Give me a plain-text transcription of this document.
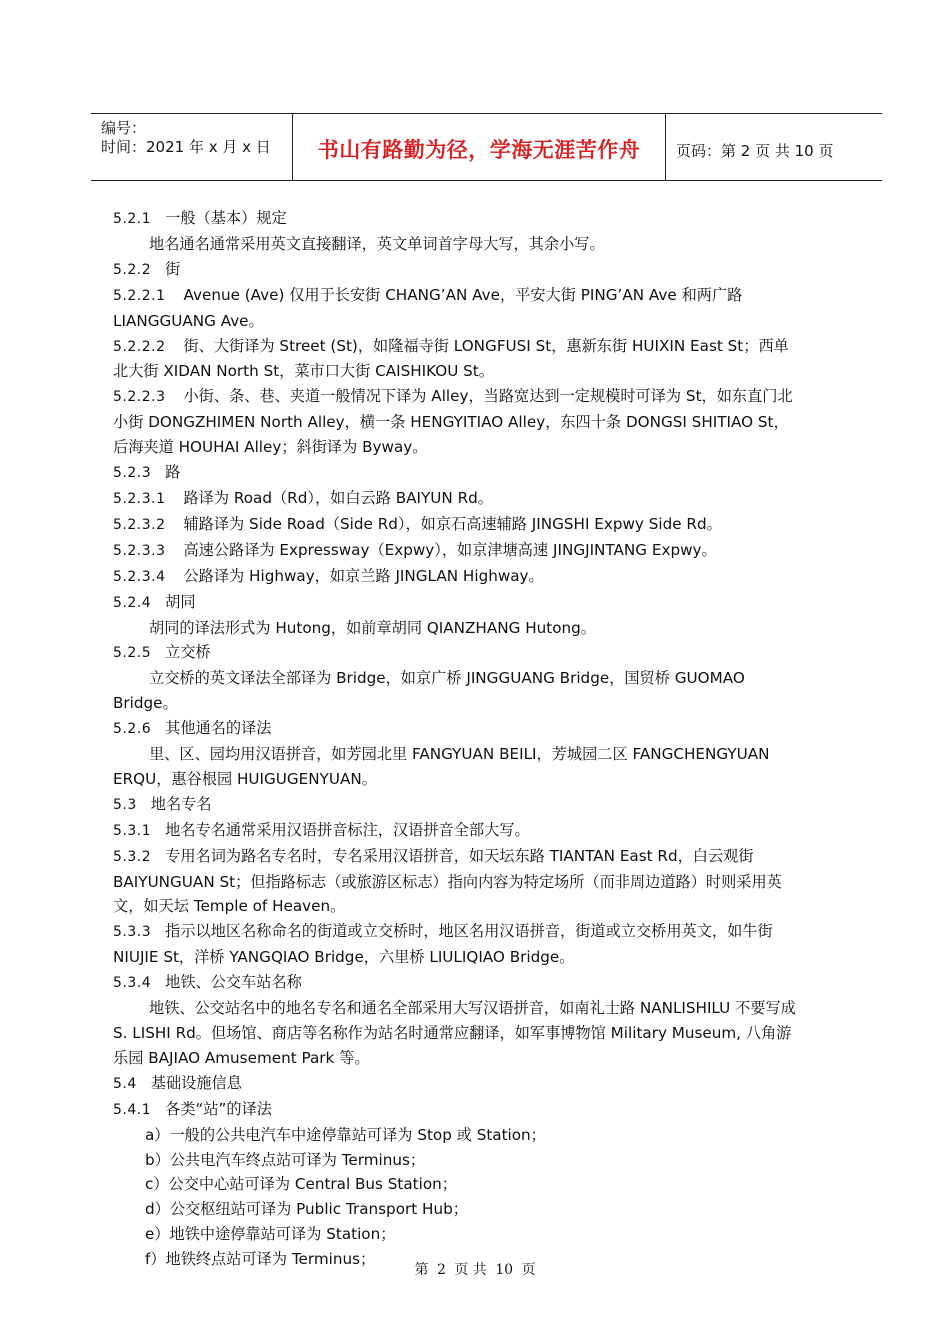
编号：
时间：2021 年 x 月 x 日	书山有路勤为径，学海无涯苦作舟	页码：第 2 页 共 10 页
5.2.1 一般（基本）规定
地名通名通常采用英文直接翻译，英文单词首字母大写，其余小写。
5.2.2 街
5.2.2.1 Avenue (Ave) 仅用于长安街 CHANG’AN Ave，平安大街 PING’AN Ave 和两广路
LIANGGUANG Ave。
5.2.2.2 街、大街译为 Street (St)，如隆福寺街 LONGFUSI St，惠新东街 HUIXIN East St；西单
北大街 XIDAN North St，菜市口大街 CAISHIKOU St。
5.2.2.3 小街、条、巷、夹道一般情况下译为 Alley，当路宽达到一定规模时可译为 St，如东直门北
小街 DONGZHIMEN North Alley，横一条 HENGYITIAO Alley，东四十条 DONGSI SHITIAO St，
后海夹道 HOUHAI Alley；斜街译为 Byway。
5.2.3 路
5.2.3.1 路译为 Road（Rd），如白云路 BAIYUN Rd。
5.2.3.2 辅路译为 Side Road（Side Rd），如京石高速辅路 JINGSHI Expwy Side Rd。
5.2.3.3 高速公路译为 Expressway（Expwy），如京津塘高速 JINGJINTANG Expwy。
5.2.3.4 公路译为 Highway，如京兰路 JINGLAN Highway。
5.2.4 胡同
胡同的译法形式为 Hutong，如前章胡同 QIANZHANG Hutong。
5.2.5 立交桥
立交桥的英文译法全部译为 Bridge，如京广桥 JINGGUANG Bridge，国贸桥 GUOMAO
Bridge。
5.2.6 其他通名的译法
里、区、园均用汉语拼音，如芳园北里 FANGYUAN BEILI，芳城园二区 FANGCHENGYUAN
ERQU，惠谷根园 HUIGUGENYUAN。
5.3 地名专名
5.3.1 地名专名通常采用汉语拼音标注，汉语拼音全部大写。
5.3.2 专用名词为路名专名时，专名采用汉语拼音，如天坛东路 TIANTAN East Rd，白云观街
BAIYUNGUAN St；但指路标志（或旅游区标志）指向内容为特定场所（而非周边道路）时则采用英
文，如天坛 Temple of Heaven。
5.3.3 指示以地区名称命名的街道或立交桥时，地区名用汉语拼音，街道或立交桥用英文，如牛街
NIUJIE St，洋桥 YANGQIAO Bridge，六里桥 LIULIQIAO Bridge。
5.3.4 地铁、公交车站名称
地铁、公交站名中的地名专名和通名全部采用大写汉语拼音，如南礼士路 NANLISHILU 不要写成
S. LISHI Rd。但场馆、商店等名称作为站名时通常应翻译，如军事博物馆 Military Museum, 八角游
乐园 BAJIAO Amusement Park 等。
5.4 基础设施信息
5.4.1 各类“站”的译法
a）一般的公共电汽车中途停靠站可译为 Stop 或 Station；
b）公共电汽车终点站可译为 Terminus；
c）公交中心站可译为 Central Bus Station；
d）公交枢纽站可译为 Public Transport Hub；
e）地铁中途停靠站可译为 Station；
f）地铁终点站可译为 Terminus；
第 2 页 共 10 页
